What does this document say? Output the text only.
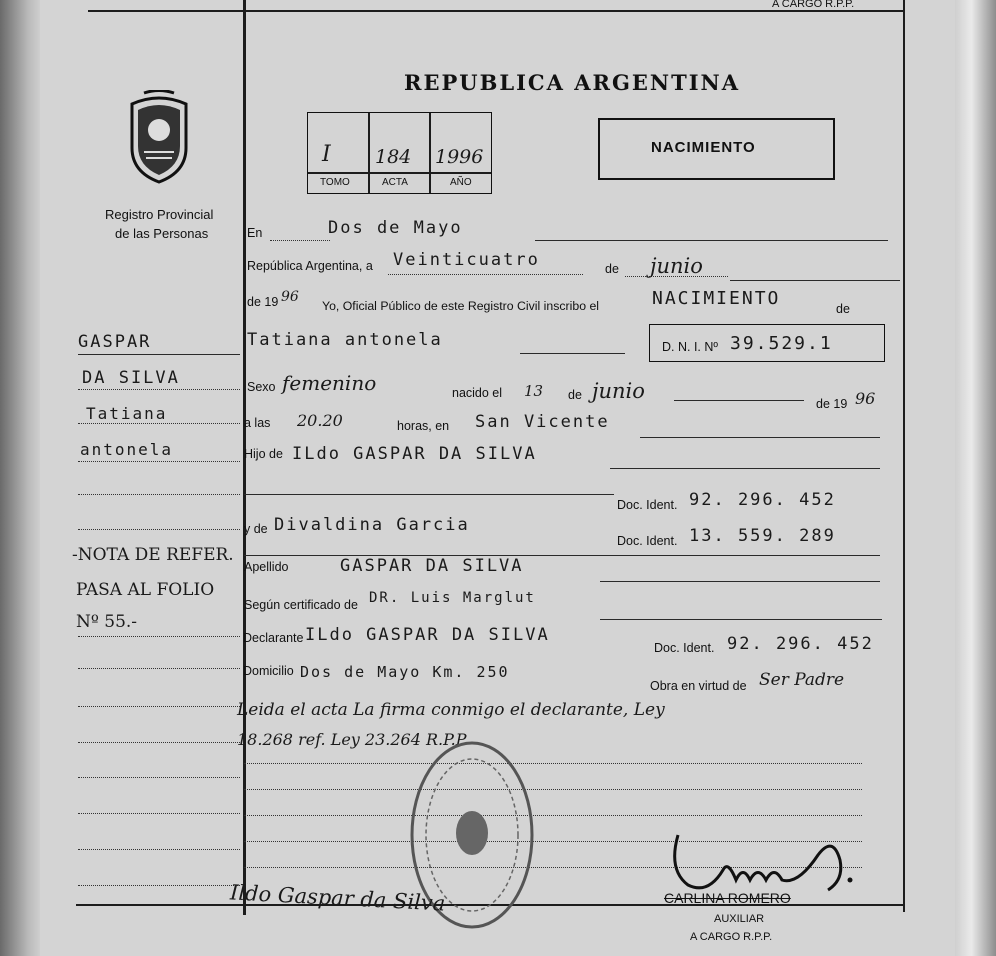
A CARGO R.P.P.
Registro Provincial
de las Personas
REPUBLICA ARGENTINA
I 184 1996
TOMO	ACTA	AÑO
NACIMIENTO
En	Dos de Mayo
República Argentina, a Veinticuatro	de junio
de 19 96
Yo, Oficial Público de este Registro Civil inscribo el	NACIMIENTO	de
Tatiana antonela	D. N. I. Nº 39.529.1
Sexo femenino	nacido el 13 de junio
de 19 96
a las 20.20	horas, en San Vicente
Hijo de ILdo GASPAR DA SILVA
Doc. Ident. 92. 296. 452
y de Divaldina Garcia
Doc. Ident. 13. 559. 289
Apellido	GASPAR DA SILVA
Según certificado de DR. Luis Marglut
Declarante ILdo GASPAR DA SILVA
Doc. Ident. 92. 296. 452
Domicilio Dos de Mayo Km. 250
Obra en virtud de Ser Padre
Leida el acta La firma conmigo el declarante, Ley
18.268 ref. Ley 23.264 R.P.P.
GASPAR
DA SILVA
Tatiana
antonela
-NOTA DE REFER.
PASA AL FOLIO
Nº 55.-
Ildo Gaspar da Silva	CARLINA ROMERO
AUXILIAR
A CARGO R.P.P.
